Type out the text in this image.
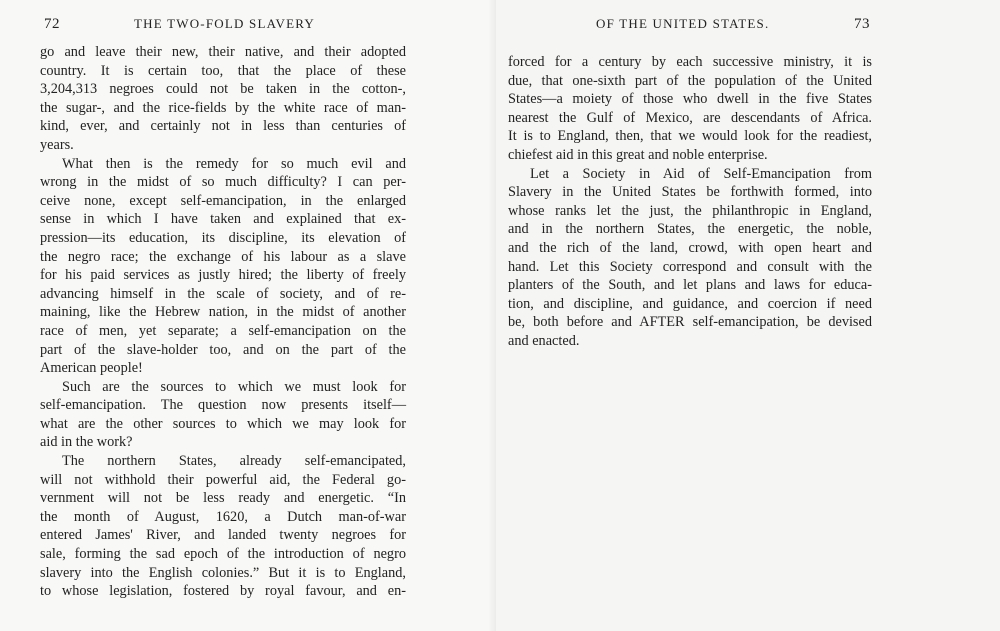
72	THE TWO-FOLD SLAVERY
go and leave their new, their native, and their adopted
country. It is certain too, that the place of these
3,204,313 negroes could not be taken in the cotton-,
the sugar-, and the rice-fields by the white race of man-
kind, ever, and certainly not in less than centuries of
years.
What then is the remedy for so much evil and
wrong in the midst of so much difficulty? I can per-
ceive none, except self-emancipation, in the enlarged
sense in which I have taken and explained that ex-
pression—its education, its discipline, its elevation of
the negro race; the exchange of his labour as a slave
for his paid services as justly hired; the liberty of freely
advancing himself in the scale of society, and of re-
maining, like the Hebrew nation, in the midst of another
race of men, yet separate; a self-emancipation on the
part of the slave-holder too, and on the part of the
American people!
Such are the sources to which we must look for
self-emancipation. The question now presents itself—
what are the other sources to which we may look for
aid in the work?
The northern States, already self-emancipated,
will not withhold their powerful aid, the Federal go-
vernment will not be less ready and energetic. “In
the month of August, 1620, a Dutch man-of-war
entered James' River, and landed twenty negroes for
sale, forming the sad epoch of the introduction of negro
slavery into the English colonies.” But it is to England,
to whose legislation, fostered by royal favour, and en-
OF THE UNITED STATES.	73
forced for a century by each successive ministry, it is
due, that one-sixth part of the population of the United
States—a moiety of those who dwell in the five States
nearest the Gulf of Mexico, are descendants of Africa.
It is to England, then, that we would look for the readiest,
chiefest aid in this great and noble enterprise.
Let a Society in Aid of Self-Emancipation from
Slavery in the United States be forthwith formed, into
whose ranks let the just, the philanthropic in England,
and in the northern States, the energetic, the noble,
and the rich of the land, crowd, with open heart and
hand. Let this Society correspond and consult with the
planters of the South, and let plans and laws for educa-
tion, and discipline, and guidance, and coercion if need
be, both before and AFTER self-emancipation, be devised
and enacted.
